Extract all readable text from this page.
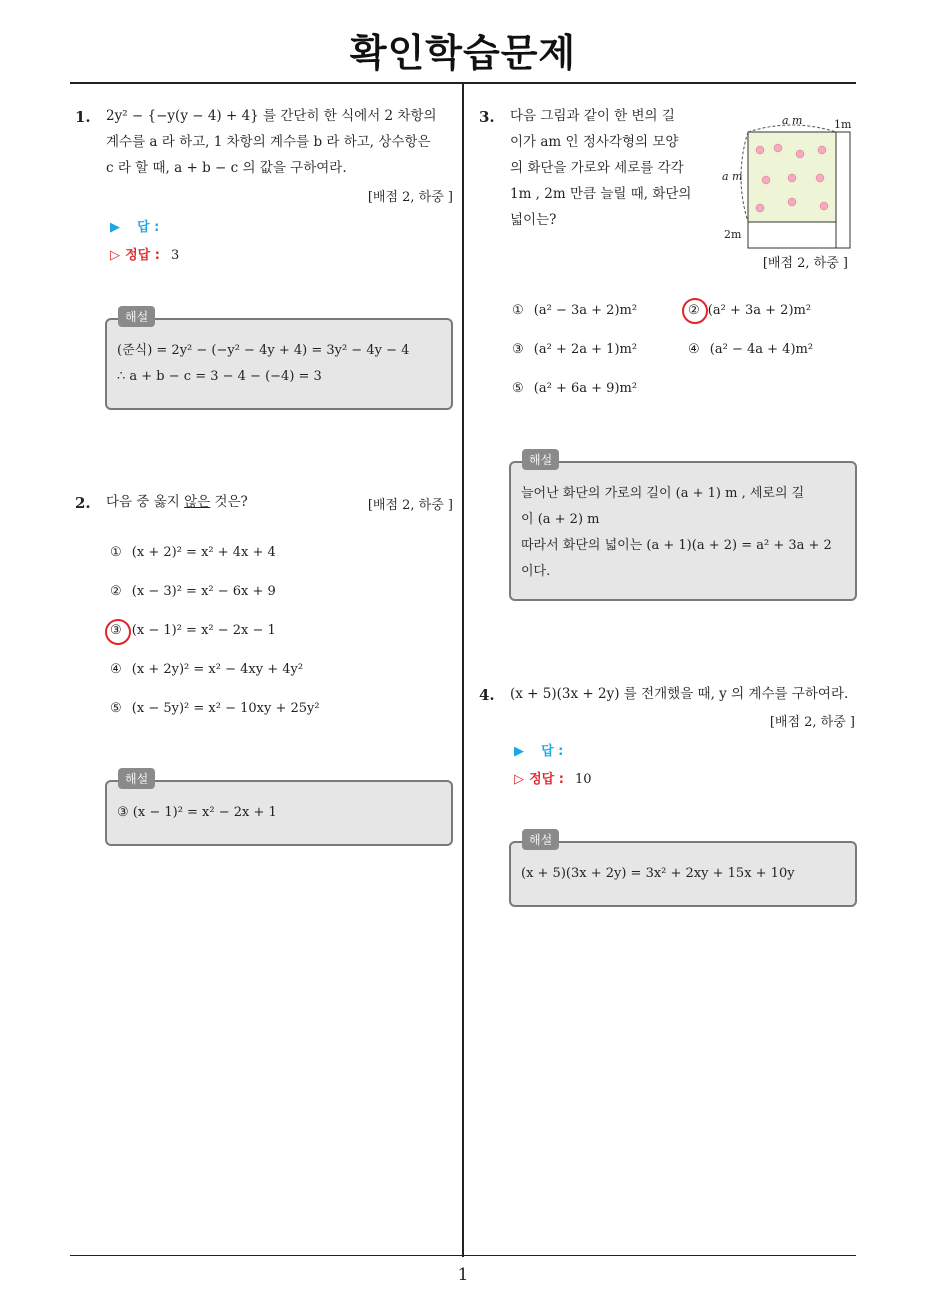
확인학습문제
1
1. 2y² − {−y(y − 4) + 4} 를 간단히 한 식에서 2 차항의
계수를 a 라 하고, 1 차항의 계수를 b 라 하고, 상수항은
c 라 할 때, a + b − c 의 값을 구하여라.
[배점 2, 하중 ]
▶ 답 :
▷ 정답 : 3
(준식) = 2y² − (−y² − 4y + 4) = 3y² − 4y − 4
∴ a + b − c = 3 − 4 − (−4) = 3
해설
2. 다음 중 옳지 않은 것은?	[배점 2, 하중 ]
① (x + 2)² = x² + 4x + 4
② (x − 3)² = x² − 6x + 9
③ (x − 1)² = x² − 2x − 1
④ (x + 2y)² = x² − 4xy + 4y²
⑤ (x − 5y)² = x² − 10xy + 25y²
③ (x − 1)² = x² − 2x + 1
해설
3. 다음 그림과 같이 한 변의 길
이가 am 인 정사각형의 모양
의 화단을 가로와 세로를 각각
1m , 2m 만큼 늘릴 때, 화단의
넓이는?
a m	1m
a m
2m
[배점 2, 하중 ]
① (a² − 3a + 2)m²	② (a² + 3a + 2)m²
③ (a² + 2a + 1)m²	④ (a² − 4a + 4)m²
⑤ (a² + 6a + 9)m²
늘어난 화단의 가로의 길이 (a + 1) m , 세로의 길
이 (a + 2) m
따라서 화단의 넓이는 (a + 1)(a + 2) = a² + 3a + 2
이다.
해설
4. (x + 5)(3x + 2y) 를 전개했을 때, y 의 계수를 구하여라.
[배점 2, 하중 ]
▶ 답 :
▷ 정답 : 10
(x + 5)(3x + 2y) = 3x² + 2xy + 15x + 10y
해설
